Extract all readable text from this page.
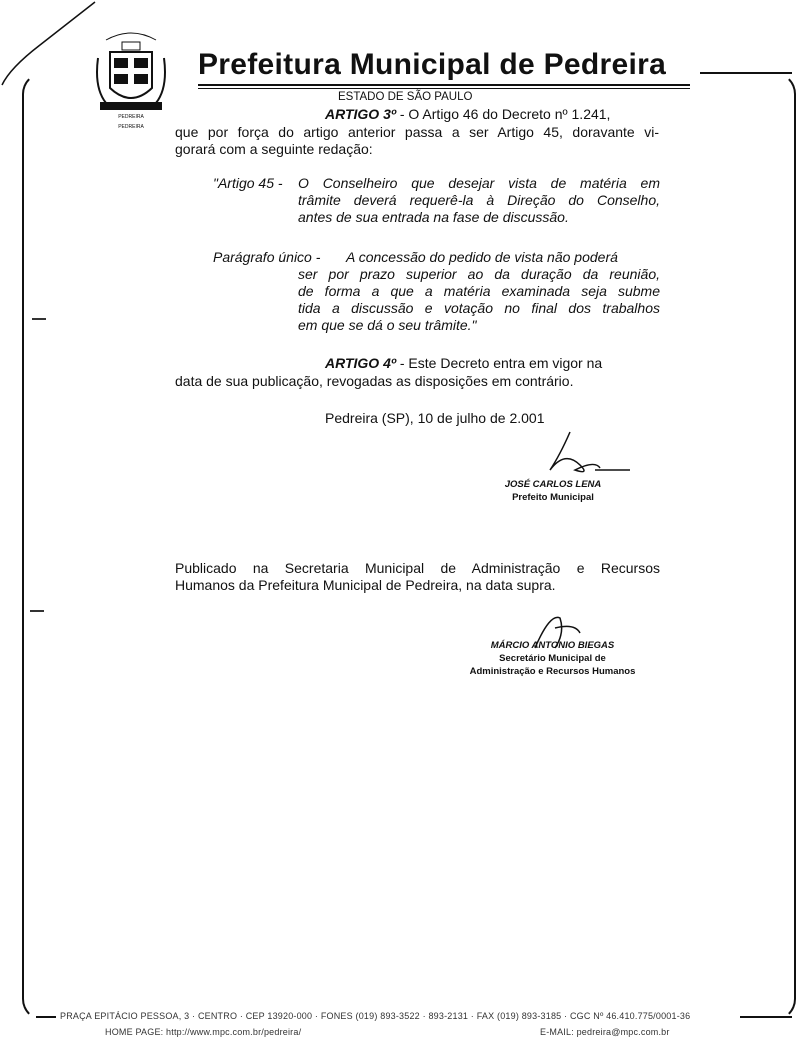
PEDREIRA
PEDREIRA
Prefeitura Municipal de Pedreira
ESTADO DE SÃO PAULO
ARTIGO 3º - O Artigo 46 do Decreto nº 1.241,
que por força do artigo anterior passa a ser Artigo 45, doravante vi-
gorará com a seguinte redação:
"Artigo 45 - O Conselheiro que desejar vista de matéria em
trâmite deverá requerê-la à Direção do Conselho,
antes de sua entrada na fase de discussão.
Parágrafo único - A concessão do pedido de vista não poderá
ser por prazo superior ao da duração da reunião,
de forma a que a matéria examinada seja subme
tida a discussão e votação no final dos trabalhos
em que se dá o seu trâmite."
ARTIGO 4º - Este Decreto entra em vigor na
data de sua publicação, revogadas as disposições em contrário.
Pedreira (SP), 10 de julho de 2.001
JOSÉ CARLOS LENA
Prefeito Municipal
Publicado na Secretaria Municipal de Administração e Recursos
Humanos da Prefeitura Municipal de Pedreira, na data supra.
MÁRCIO ANTONIO BIEGAS
Secretário Municipal de
Administração e Recursos Humanos
PRAÇA EPITÁCIO PESSOA, 3 · CENTRO · CEP 13920-000 · FONES (019) 893-3522 · 893-2131 · FAX (019) 893-3185 · CGC Nº 46.410.775/0001-36
HOME PAGE: http://www.mpc.com.br/pedreira/	E-MAIL: pedreira@mpc.com.br
